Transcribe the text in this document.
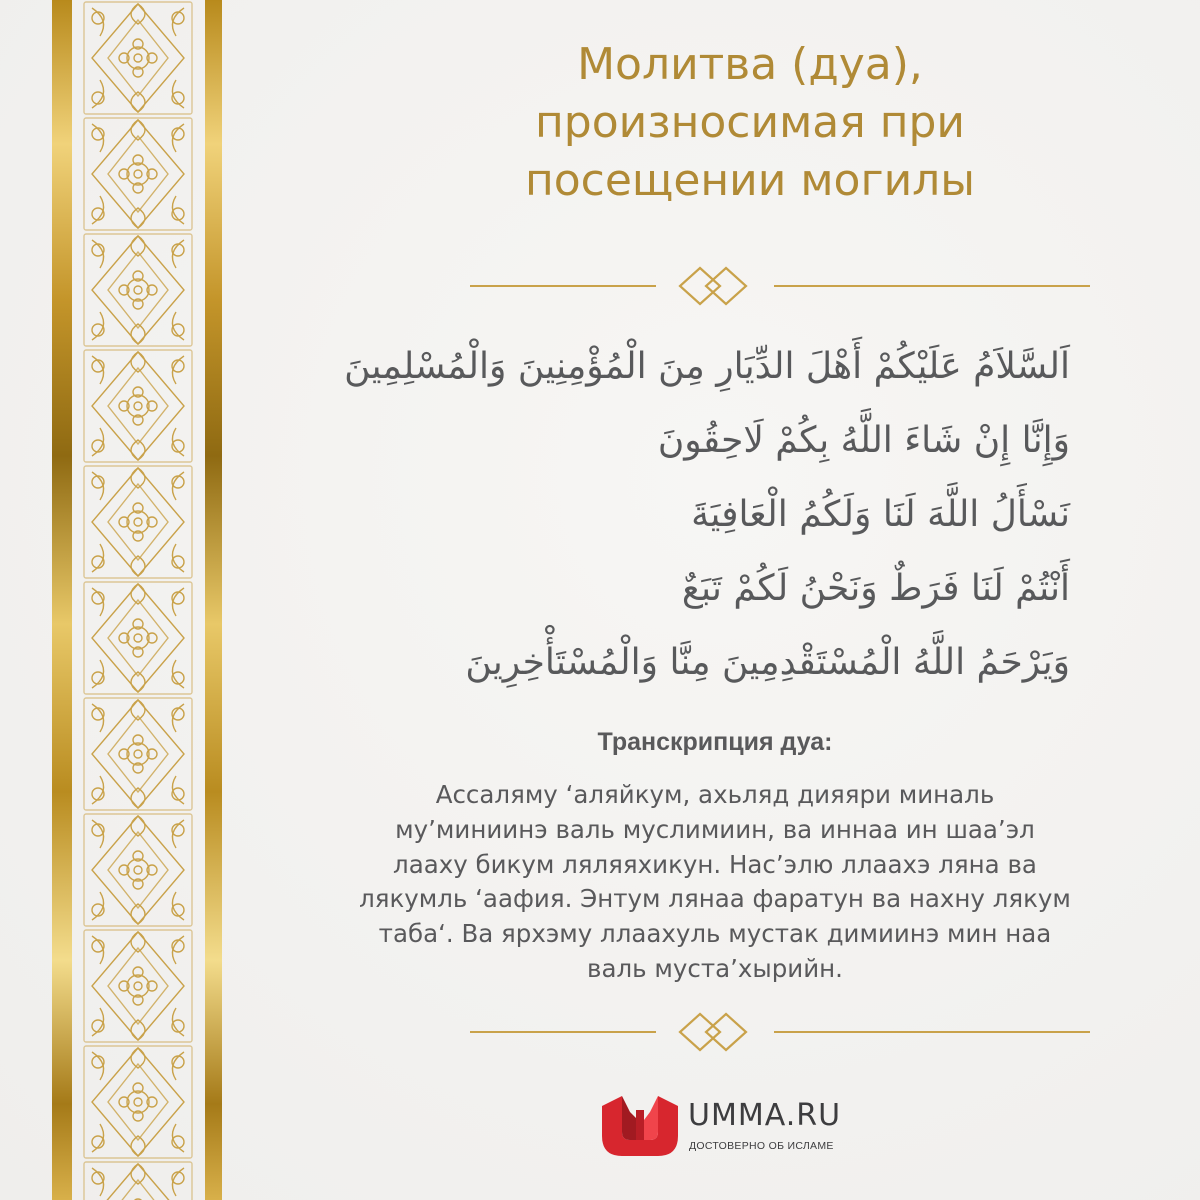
Молитва (дуа),
произносимая при
посещении могилы
اَلسَّلاَمُ عَلَيْكُمْ أَهْلَ الدِّيَارِ مِنَ الْمُؤْمِنِينَ وَالْمُسْلِمِينَ
وَإِنَّا إِنْ شَاءَ اللَّهُ بِكُمْ لَاحِقُونَ
نَسْأَلُ اللَّهَ لَنَا وَلَكُمُ الْعَافِيَةَ
أَنْتُمْ لَنَا فَرَطٌ وَنَحْنُ لَكُمْ تَبَعٌ
وَيَرْحَمُ اللَّهُ الْمُسْتَقْدِمِينَ مِنَّا وَالْمُسْتَأْخِرِينَ
Транскрипция дуа:

Ассаляму ‘аляйкум, ахьляд дияяри миналь
му’миниинэ валь муслимиин, ва иннаа ин шаа’эл
лааху бикум ляляяхикун. Нас’элю ллаахэ ляна ва
лякумль ‘аафия. Энтум лянаа фаратун ва нахну лякум
таба‘. Ва ярхэму ллаахуль мустак димиинэ мин наа
валь муста’хырийн.

UMMA.RU
ДОСТОВЕРНО ОБ ИСЛАМЕ
